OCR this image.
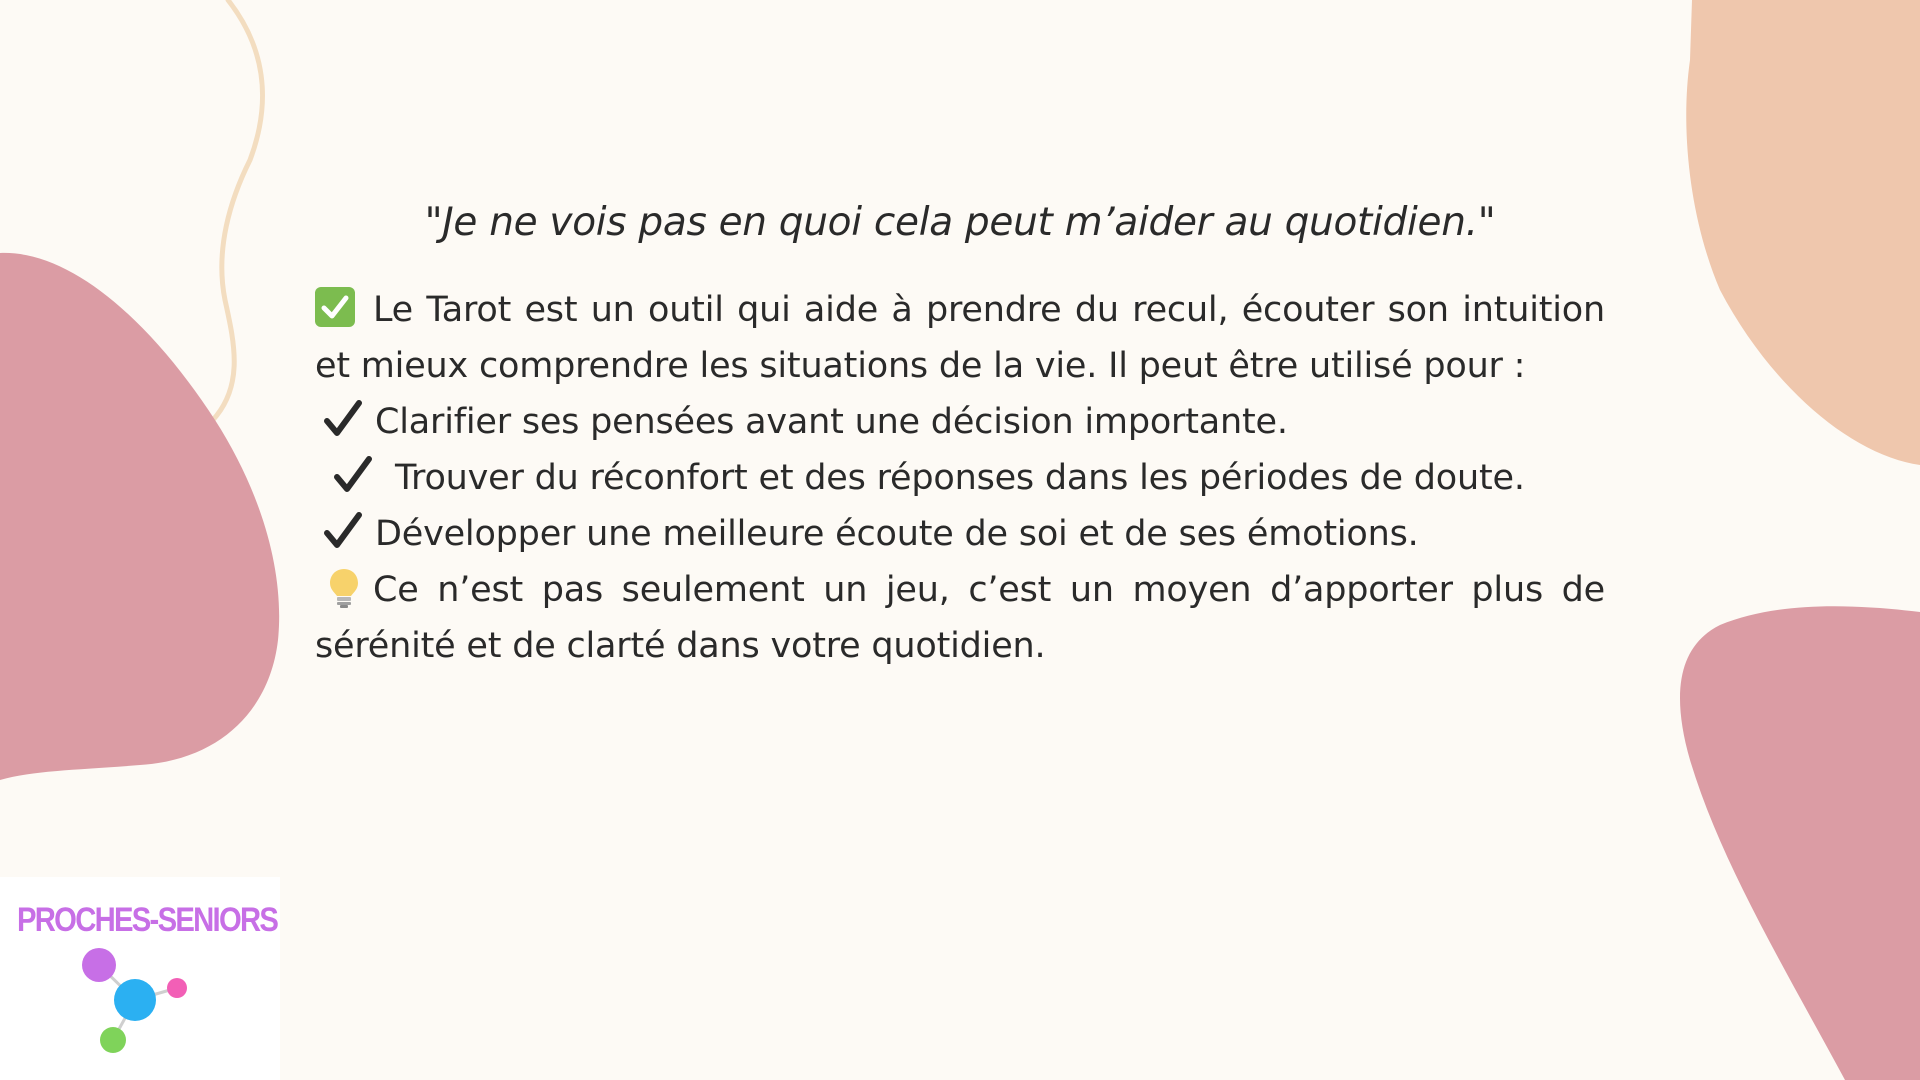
"Je ne vois pas en quoi cela peut m’aider au quotidien."

Le Tarot est un outil qui aide à prendre du recul, écouter son intuition et mieux comprendre les situations de la vie. Il peut être utilisé pour :

Clarifier ses pensées avant une décision importante.

Trouver du réconfort et des réponses dans les périodes de doute.

Développer une meilleure écoute de soi et de ses émotions.

Ce n’est pas seulement un jeu, c’est un moyen d’apporter plus de sérénité et de clarté dans votre quotidien.

PROCHES-SENIORS
